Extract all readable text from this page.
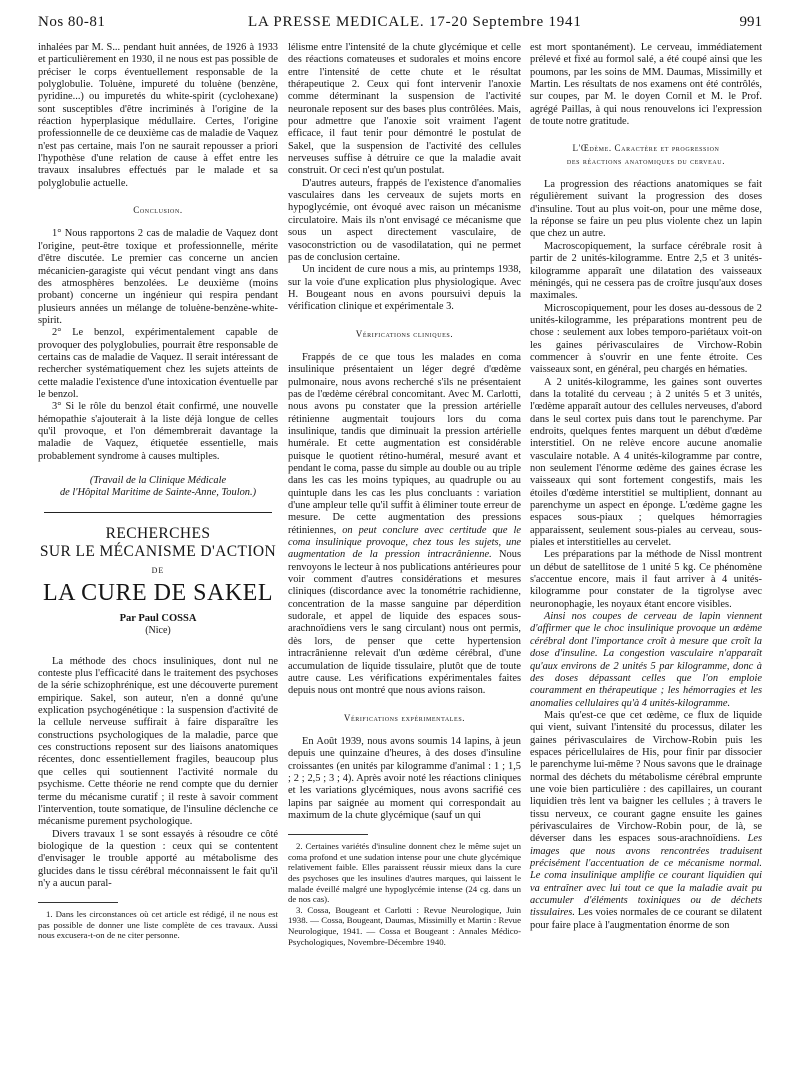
Nos 80-81	LA PRESSE MEDICALE. 17-20 Septembre 1941	991

inhalées par M. S... pendant huit années, de 1926 à 1933 et particulièrement en 1930, il ne nous est pas possible de préciser le corps éventuellement responsable de la polyglobulie. Toluène, impureté du toluène (benzène, pyridine...) ou impuretés du white-spirit (cyclohexane) sont susceptibles d'être incriminés à l'origine de la réaction hyperplasique médullaire. Certes, l'origine professionnelle de ce deuxième cas de maladie de Vaquez n'est pas certaine, mais l'on ne saurait repousser a priori l'hypothèse d'une relation de cause à effet entre les travaux insalubres effectués par le malade et sa polyglobulie actuelle.

Conclusion.

1° Nous rapportons 2 cas de maladie de Vaquez dont l'origine, peut-être toxique et professionnelle, mérite d'être discutée. Le premier cas concerne un ancien mécanicien-garagiste qui vécut pendant vingt ans dans des atmosphères benzolées. Le deuxième (moins probant) concerne un ingénieur qui respira pendant plusieurs années un mélange de toluène-benzène-white-spirit.

2° Le benzol, expérimentalement capable de provoquer des polyglobulies, pourrait être responsable de certains cas de maladie de Vaquez. Il serait intéressant de rechercher systématiquement chez les sujets atteints de cette maladie l'existence d'une intoxication éventuelle par le benzol.

3° Si le rôle du benzol était confirmé, une nouvelle hémopathie s'ajouterait à la liste déjà longue de celles qu'il provoque, et l'on démembrerait davantage la maladie de Vaquez, étiquetée essentielle, mais probablement syndrome à causes multiples.

(Travail de la Clinique Médicale
de l'Hôpital Maritime de Sainte-Anne, Toulon.)
RECHERCHES
SUR LE MÉCANISME D'ACTION
DE
LA CURE DE SAKEL
Par Paul COSSA
(Nice)

La méthode des chocs insuliniques, dont nul ne conteste plus l'efficacité dans le traitement des psychoses de la série schizophrénique, est une découverte purement empirique. Sakel, son auteur, n'en a donné qu'une explication psychogénétique : la suspension d'activité de la cellule nerveuse suffirait à faire disparaître les constructions psychologiques de la maladie, parce que ces constructions reposent sur des liaisons anatomiques récentes, donc essentiellement fragiles, beaucoup plus que celles qui soutiennent l'activité normale du psychisme. Cette théorie ne rend compte que du dernier terme du mécanisme curatif ; il reste à savoir comment l'intervention, toute somatique, de l'insuline déclenche ce mécanisme purement psychologique.

Divers travaux 1 se sont essayés à résoudre ce côté biologique de la question : ceux qui se contentent d'envisager le trouble apporté au métabolisme des glucides dans le tissu cérébral méconnaissent le fait qu'il n'y a aucun paral-

1. Dans les circonstances où cet article est rédigé, il ne nous est pas possible de donner une liste complète de ces travaux. Aussi nous excusera-t-on de ne citer personne.

lélisme entre l'intensité de la chute glycémique et celle des réactions comateuses et sudorales et moins encore entre l'intensité de cette chute et le résultat thérapeutique 2. Ceux qui font intervenir l'anoxie comme déterminant la suspension de l'activité neuronale reposent sur des bases plus contrôlées. Mais, pour admettre que l'anoxie soit vraiment l'agent efficace, il faut tenir pour démontré le postulat de Sakel, que la suspension de l'activité des cellules nerveuses suffise à détruire ce que la maladie avait construit. Or ceci n'est qu'un postulat.

D'autres auteurs, frappés de l'existence d'anomalies vasculaires dans les cerveaux de sujets morts en hypoglycémie, ont évoqué avec raison un mécanisme circulatoire. Mais ils n'ont envisagé ce mécanisme que sous un aspect directement vasculaire, de vasoconstriction ou de vasodilatation, qui ne permet pas de conclusion certaine.

Un incident de cure nous a mis, au printemps 1938, sur la voie d'une explication plus physiologique. Avec H. Bougeant nous en avons poursuivi depuis la vérification clinique et expérimentale 3.

Vérifications cliniques.

Frappés de ce que tous les malades en coma insulinique présentaient un léger degré d'œdème pulmonaire, nous avons recherché s'ils ne présentaient pas de l'œdème cérébral concomitant. Avec M. Carlotti, nous avons pu constater que la pression artérielle rétinienne augmentait toujours lors du coma insulinique, tandis que diminuait la pression artérielle humérale. Et cette augmentation est considérable puisque le quotient rétino-huméral, mesuré avant et pendant le coma, passe du simple au double ou au triple dans les cas les moins typiques, au quadruple ou au quintuple dans les cas les plus concluants : variation d'une ampleur telle qu'il suffit à éliminer toute erreur de mesure. De cette augmentation des pressions rétiniennes, on peut conclure avec certitude que le coma insulinique provoque, chez tous les sujets, une augmentation de la pression intracrânienne. Nous renvoyons le lecteur à nos publications antérieures pour voir comment d'autres considérations et mesures cliniques (discordance avec la tonométrie rachidienne, concentration de la masse sanguine par déperdition sudorale, et appel de liquide des espaces sous-arachnoïdiens vers le sang circulant) nous ont permis, dès lors, de penser que cette hypertension intracrânienne relevait d'un œdème cérébral, d'une accumulation de liquide tissulaire, plutôt que de toute autre cause. Les vérifications expérimentales faites depuis nous ont montré que nous avions raison.

Vérifications expérimentales.

En Août 1939, nous avons soumis 14 lapins, à jeun depuis une quinzaine d'heures, à des doses d'insuline croissantes (en unités par kilogramme d'animal : 1 ; 1,5 ; 2 ; 2,5 ; 3 ; 4). Après avoir noté les réactions cliniques et les variations glycémiques, nous avons sacrifié ces lapins par saignée au moment qui correspondait au maximum de la chute glycémique (sauf un qui

2. Certaines variétés d'insuline donnent chez le même sujet un coma profond et une sudation intense pour une chute glycémique relativement faible. Elles paraissent réussir mieux dans la cure des psychoses que les insulines d'autres marques, qui laissent le malade éveillé malgré une hypoglycémie intense (24 cg. dans un de nos cas).

3. Cossa, Bougeant et Carlotti : Revue Neurologique, Juin 1938. — Cossa, Bougeant, Daumas, Missimilly et Martin : Revue Neurologique, 1941. — Cossa et Bougeant : Annales Médico-Psychologiques, Novembre-Décembre 1940.

est mort spontanément). Le cerveau, immédiatement prélevé et fixé au formol salé, a été coupé ainsi que les poumons, par les soins de MM. Daumas, Missimilly et Martin. Les résultats de nos examens ont été contrôlés, sur coupes, par M. le doyen Cornil et M. le Prof. agrégé Paillas, à qui nous renouvelons ici l'expression de toute notre gratitude.

L'Œdème. Caractère et progression
des réactions anatomiques du cerveau.

La progression des réactions anatomiques se fait régulièrement suivant la progression des doses d'insuline. Tout au plus voit-on, pour une même dose, la réponse se faire un peu plus violente chez un lapin que chez un autre.

Macroscopiquement, la surface cérébrale rosit à partir de 2 unités-kilogramme. Entre 2,5 et 3 unités-kilogramme apparaît une dilatation des vaisseaux méningés, qui ne cessera pas de croître jusqu'aux doses maximales.

Microscopiquement, pour les doses au-dessous de 2 unités-kilogramme, les préparations montrent peu de chose : seulement aux lobes temporo-pariétaux voit-on les gaines périvasculaires de Virchow-Robin commencer à s'ouvrir en une fente étroite. Ces vaisseaux sont, en général, peu chargés en hématies.

A 2 unités-kilogramme, les gaines sont ouvertes dans la totalité du cerveau ; à 2 unités 5 et 3 unités, l'œdème apparaît autour des cellules nerveuses, d'abord dans le seul cortex puis dans tout le parenchyme. Par endroits, quelques fentes marquent un début d'œdème interstitiel. On ne relève encore aucune anomalie vasculaire notable. A 4 unités-kilogramme par contre, non seulement l'énorme œdème des gaines écrase les vaisseaux qui sont fortement congestifs, mais les étoiles d'œdème interstitiel se multiplient, donnant au parenchyme un aspect en éponge. L'œdème gagne les espaces sous-piaux ; quelques hémorragies apparaissent, seulement sous-piales au cerveau, sous-piales et interstitielles au cervelet.

Les préparations par la méthode de Nissl montrent un début de satellitose de 1 unité 5 kg. Ce phénomène s'accentue encore, mais il faut arriver à 4 unités-kilogramme pour constater de la tigrolyse avec neuronophagie, les noyaux étant encore visibles.

Ainsi nos coupes de cerveau de lapin viennent d'affirmer que le choc insulinique provoque un œdème cérébral dont l'importance croît à mesure que croît la dose d'insuline. La congestion vasculaire n'apparaît qu'aux environs de 2 unités 5 par kilogramme, donc à des doses dépassant celles que l'on emploie couramment en thérapeutique ; les hémorragies et les anomalies cellulaires qu'à 4 unités-kilogramme.

Mais qu'est-ce que cet œdème, ce flux de liquide qui vient, suivant l'intensité du processus, dilater les gaines périvasculaires de Virchow-Robin puis les espaces péricellulaires de His, pour finir par dissocier le parenchyme lui-même ? Nous savons que le drainage normal des déchets du métabolisme cérébral emprunte une voie bien particulière : des capillaires, un courant liquidien très lent va baigner les cellules ; à travers le tissu nerveux, ce courant gagne ensuite les gaines périvasculaires de Virchow-Robin pour, de là, se déverser dans les espaces sous-arachnoïdiens. Les images que nous avons rencontrées traduisent précisément l'accentuation de ce mécanisme normal. Le coma insulinique amplifie ce courant liquidien qui va entraîner avec lui tout ce que la maladie avait pu accumuler d'éléments toxiniques ou de déchets tissulaires. Les voies normales de ce courant se dilatent pour faire place à l'augmentation énorme de son
